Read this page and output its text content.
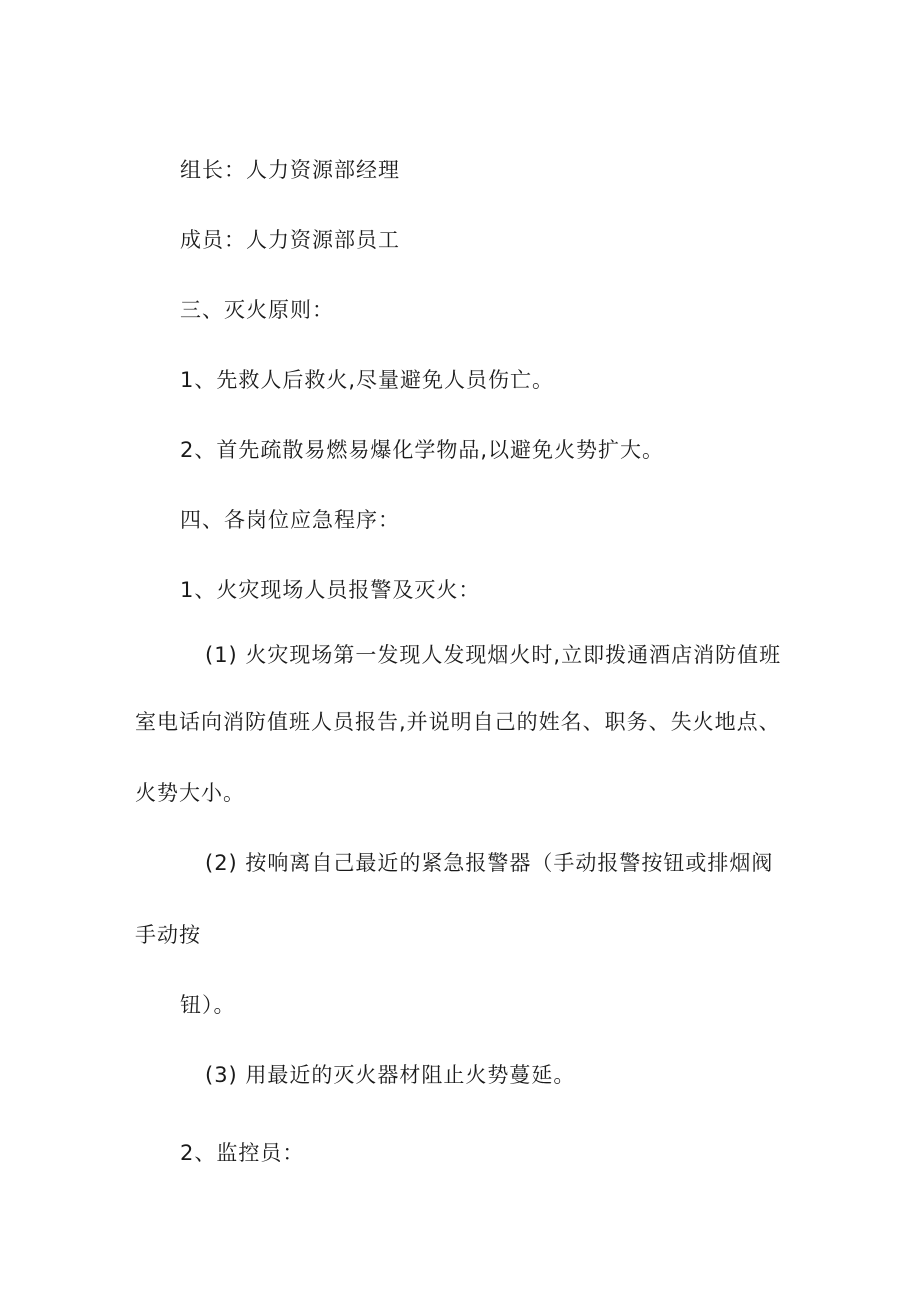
组长：人力资源部经理

成员：人力资源部员工

三、灭火原则：

1、先救人后救火,尽量避免人员伤亡。

2、首先疏散易燃易爆化学物品,以避免火势扩大。

四、各岗位应急程序：

1、火灾现场人员报警及灭火：

(1) 火灾现场第一发现人发现烟火时,立即拨通酒店消防值班

室电话向消防值班人员报告,并说明自己的姓名、职务、失火地点、

火势大小。

(2) 按响离自己最近的紧急报警器（手动报警按钮或排烟阀

手动按

钮）。

(3) 用最近的灭火器材阻止火势蔓延。

2、监控员：
